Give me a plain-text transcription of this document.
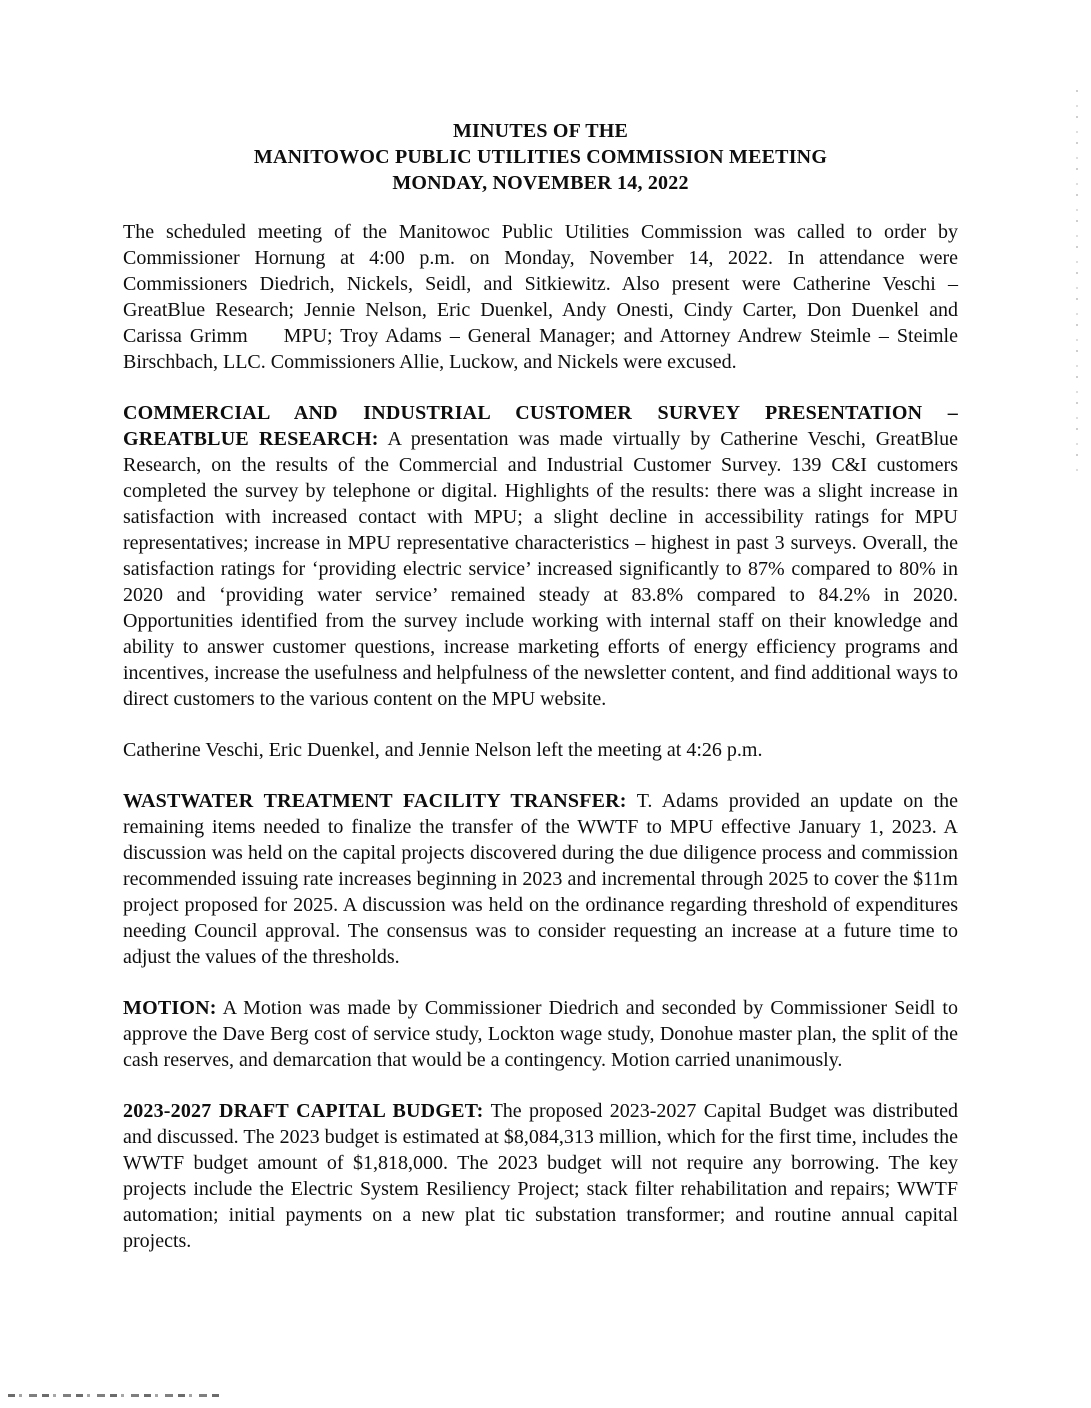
MINUTES OF THE
MANITOWOC PUBLIC UTILITIES COMMISSION MEETING
MONDAY, NOVEMBER 14, 2022

The scheduled meeting of the Manitowoc Public Utilities Commission was called to order by Commissioner Hornung at 4:00 p.m. on Monday, November 14, 2022. In attendance were Commissioners Diedrich, Nickels, Seidl, and Sitkiewitz. Also present were Catherine Veschi – GreatBlue Research; Jennie Nelson, Eric Duenkel, Andy Onesti, Cindy Carter, Don Duenkel and Carissa Grimm   MPU; Troy Adams – General Manager; and Attorney Andrew Steimle – Steimle Birschbach, LLC. Commissioners Allie, Luckow, and Nickels were excused.

COMMERCIAL AND INDUSTRIAL CUSTOMER SURVEY PRESENTATION – GREATBLUE RESEARCH: A presentation was made virtually by Catherine Veschi, GreatBlue Research, on the results of the Commercial and Industrial Customer Survey. 139 C&I customers completed the survey by telephone or digital. Highlights of the results: there was a slight increase in satisfaction with increased contact with MPU; a slight decline in accessibility ratings for MPU representatives; increase in MPU representative characteristics – highest in past 3 surveys. Overall, the satisfaction ratings for ‘providing electric service’ increased significantly to 87% compared to 80% in 2020 and ‘providing water service’ remained steady at 83.8% compared to 84.2% in 2020. Opportunities identified from the survey include working with internal staff on their knowledge and ability to answer customer questions, increase marketing efforts of energy efficiency programs and incentives, increase the usefulness and helpfulness of the newsletter content, and find additional ways to direct customers to the various content on the MPU website.

Catherine Veschi, Eric Duenkel, and Jennie Nelson left the meeting at 4:26 p.m.

WASTWATER TREATMENT FACILITY TRANSFER: T. Adams provided an update on the remaining items needed to finalize the transfer of the WWTF to MPU effective January 1, 2023. A discussion was held on the capital projects discovered during the due diligence process and commission recommended issuing rate increases beginning in 2023 and incremental through 2025 to cover the $11m project proposed for 2025. A discussion was held on the ordinance regarding threshold of expenditures needing Council approval. The consensus was to consider requesting an increase at a future time to adjust the values of the thresholds.

MOTION: A Motion was made by Commissioner Diedrich and seconded by Commissioner Seidl to approve the Dave Berg cost of service study, Lockton wage study, Donohue master plan, the split of the cash reserves, and demarcation that would be a contingency. Motion carried unanimously.

2023-2027 DRAFT CAPITAL BUDGET: The proposed 2023-2027 Capital Budget was distributed and discussed. The 2023 budget is estimated at $8,084,313 million, which for the first time, includes the WWTF budget amount of $1,818,000. The 2023 budget will not require any borrowing. The key projects include the Electric System Resiliency Project; stack filter rehabilitation and repairs; WWTF automation; initial payments on a new plat tic substation transformer; and routine annual capital projects.
